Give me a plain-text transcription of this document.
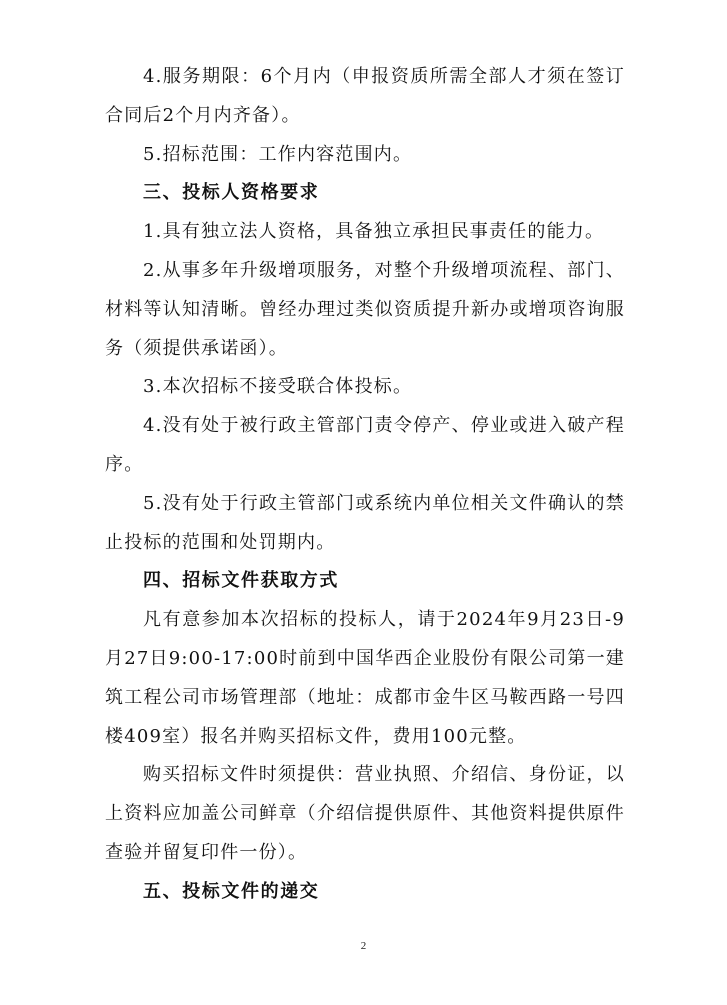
4.服务期限：6个月内（申报资质所需全部人才须在签订合同后2个月内齐备）。

5.招标范围：工作内容范围内。

三、投标人资格要求

1.具有独立法人资格，具备独立承担民事责任的能力。

2.从事多年升级增项服务，对整个升级增项流程、部门、材料等认知清晰。曾经办理过类似资质提升新办或增项咨询服务（须提供承诺函）。

3.本次招标不接受联合体投标。

4.没有处于被行政主管部门责令停产、停业或进入破产程序。

5.没有处于行政主管部门或系统内单位相关文件确认的禁止投标的范围和处罚期内。

四、招标文件获取方式

凡有意参加本次招标的投标人，请于2024年9月23日-9月27日9:00-17:00时前到中国华西企业股份有限公司第一建筑工程公司市场管理部（地址：成都市金牛区马鞍西路一号四楼409室）报名并购买招标文件，费用100元整。

购买招标文件时须提供：营业执照、介绍信、身份证，以上资料应加盖公司鲜章（介绍信提供原件、其他资料提供原件查验并留复印件一份）。

五、投标文件的递交

2
